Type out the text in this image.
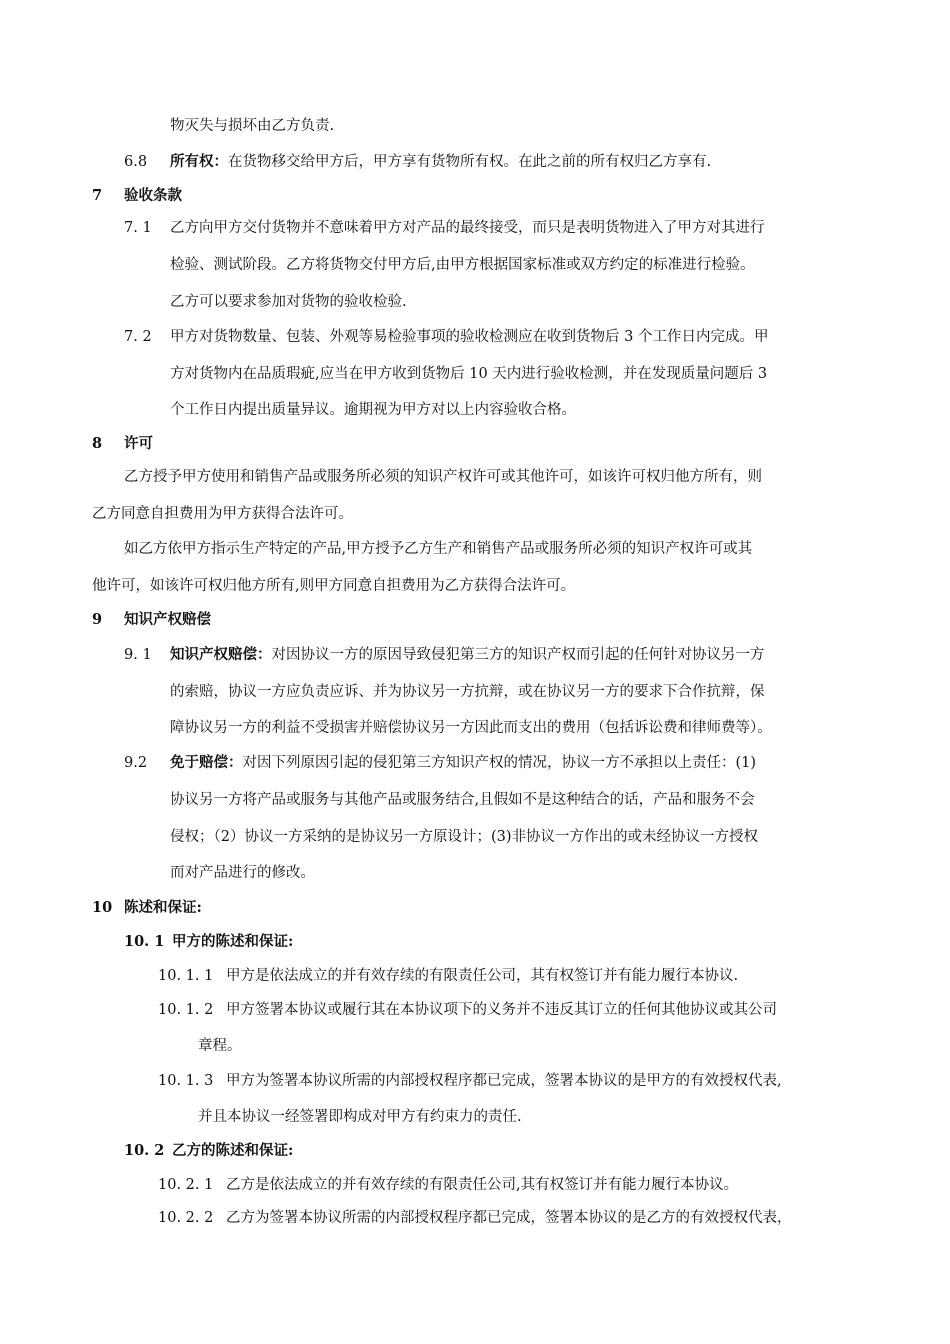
物灭失与损坏由乙方负责.
6.8 所有权：在货物移交给甲方后，甲方享有货物所有权。在此之前的所有权归乙方享有.
7 验收条款
7. 1 乙方向甲方交付货物并不意味着甲方对产品的最终接受，而只是表明货物进入了甲方对其进行
检验、测试阶段。乙方将货物交付甲方后,由甲方根据国家标准或双方约定的标准进行检验。
乙方可以要求参加对货物的验收检验.
7. 2 甲方对货物数量、包装、外观等易检验事项的验收检测应在收到货物后 3 个工作日内完成。甲
方对货物内在品质瑕疵,应当在甲方收到货物后 10 天内进行验收检测，并在发现质量问题后 3
个工作日内提出质量异议。逾期视为甲方对以上内容验收合格。
8 许可
乙方授予甲方使用和销售产品或服务所必须的知识产权许可或其他许可，如该许可权归他方所有，则
乙方同意自担费用为甲方获得合法许可。
如乙方依甲方指示生产特定的产品,甲方授予乙方生产和销售产品或服务所必须的知识产权许可或其
他许可，如该许可权归他方所有,则甲方同意自担费用为乙方获得合法许可。
9 知识产权赔偿
9. 1 知识产权赔偿：对因协议一方的原因导致侵犯第三方的知识产权而引起的任何针对协议另一方
的索赔，协议一方应负责应诉、并为协议另一方抗辩，或在协议另一方的要求下合作抗辩，保
障协议另一方的利益不受损害并赔偿协议另一方因此而支出的费用（包括诉讼费和律师费等）。
9.2 免于赔偿：对因下列原因引起的侵犯第三方知识产权的情况，协议一方不承担以上责任：(1)
协议另一方将产品或服务与其他产品或服务结合,且假如不是这种结合的话，产品和服务不会
侵权；（2）协议一方采纳的是协议另一方原设计；(3)非协议一方作出的或未经协议一方授权
而对产品进行的修改。
10 陈述和保证:
10. 1 甲方的陈述和保证:
10. 1. 1 甲方是依法成立的并有效存续的有限责任公司，其有权签订并有能力履行本协议.
10. 1. 2 甲方签署本协议或履行其在本协议项下的义务并不违反其订立的任何其他协议或其公司
章程。
10. 1. 3 甲方为签署本协议所需的内部授权程序都已完成，签署本协议的是甲方的有效授权代表,
并且本协议一经签署即构成对甲方有约束力的责任.
10. 2 乙方的陈述和保证:
10. 2. 1 乙方是依法成立的并有效存续的有限责任公司,其有权签订并有能力履行本协议。
10. 2. 2 乙方为签署本协议所需的内部授权程序都已完成，签署本协议的是乙方的有效授权代表，
